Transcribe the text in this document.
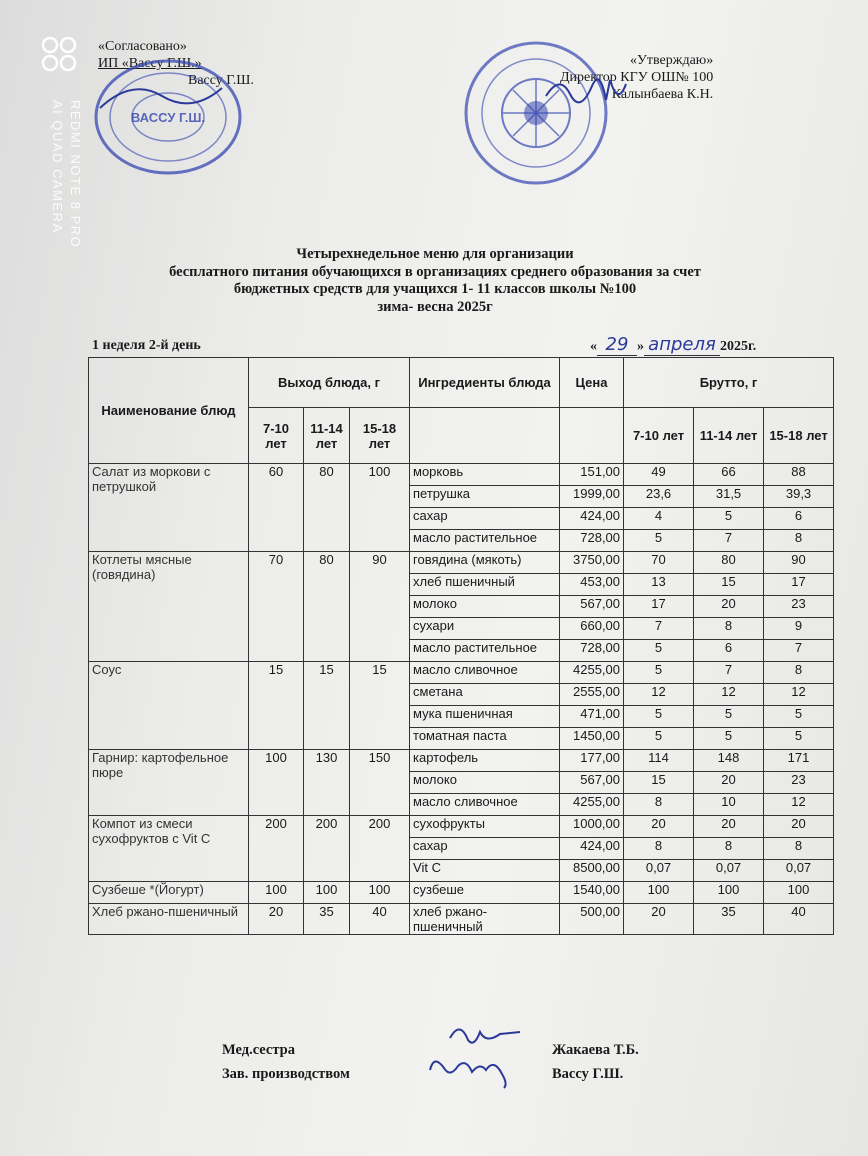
REDMI NOTE 8 PRO
AI QUAD CAMERA
«Согласовано»
ИП «Вассу Г.Ш.»
Вассу Г.Ш.
ВАССУ Г.Ш.
«Утверждаю»
Директор КГУ ОШ№ 100
Калынбаева К.Н.
Четырехнедельное меню для организации
бесплатного питания обучающихся в организациях среднего образования за счет
бюджетных средств для учащихся 1- 11 классов школы №100
зима- весна 2025г
1 неделя 2-й день	« 29 » апреля 2025г.
Наименование блюд	Выход блюда, г			Ингредиенты блюда	Цена	Брутто, г		
	7-10 лет	11-14 лет	15-18 лет			7-10 лет	11-14 лет	15-18 лет
Салат из моркови с петрушкой	60	80	100	морковь	151,00	49	66	88
				петрушка	1999,00	23,6	31,5	39,3
				сахар	424,00	4	5	6
				масло растительное	728,00	5	7	8
Котлеты мясные (говядина)	70	80	90	говядина (мякоть)	3750,00	70	80	90
				хлеб пшеничный	453,00	13	15	17
				молоко	567,00	17	20	23
				сухари	660,00	7	8	9
				масло растительное	728,00	5	6	7
Соус	15	15	15	масло сливочное	4255,00	5	7	8
				сметана	2555,00	12	12	12
				мука пшеничная	471,00	5	5	5
				томатная паста	1450,00	5	5	5
Гарнир: картофельное пюре	100	130	150	картофель	177,00	114	148	171
				молоко	567,00	15	20	23
				масло сливочное	4255,00	8	10	12
Компот из смеси сухофруктов с Vit C	200	200	200	сухофрукты	1000,00	20	20	20
				сахар	424,00	8	8	8
				Vit C	8500,00	0,07	0,07	0,07
Сузбеше *(Йогурт)	100	100	100	сузбеше	1540,00	100	100	100
Хлеб ржано-пшеничный	20	35	40	хлеб ржано-пшеничный	500,00	20	35	40
Мед.сестра
Зав. производством
Жакаева Т.Б.
Вассу Г.Ш.
